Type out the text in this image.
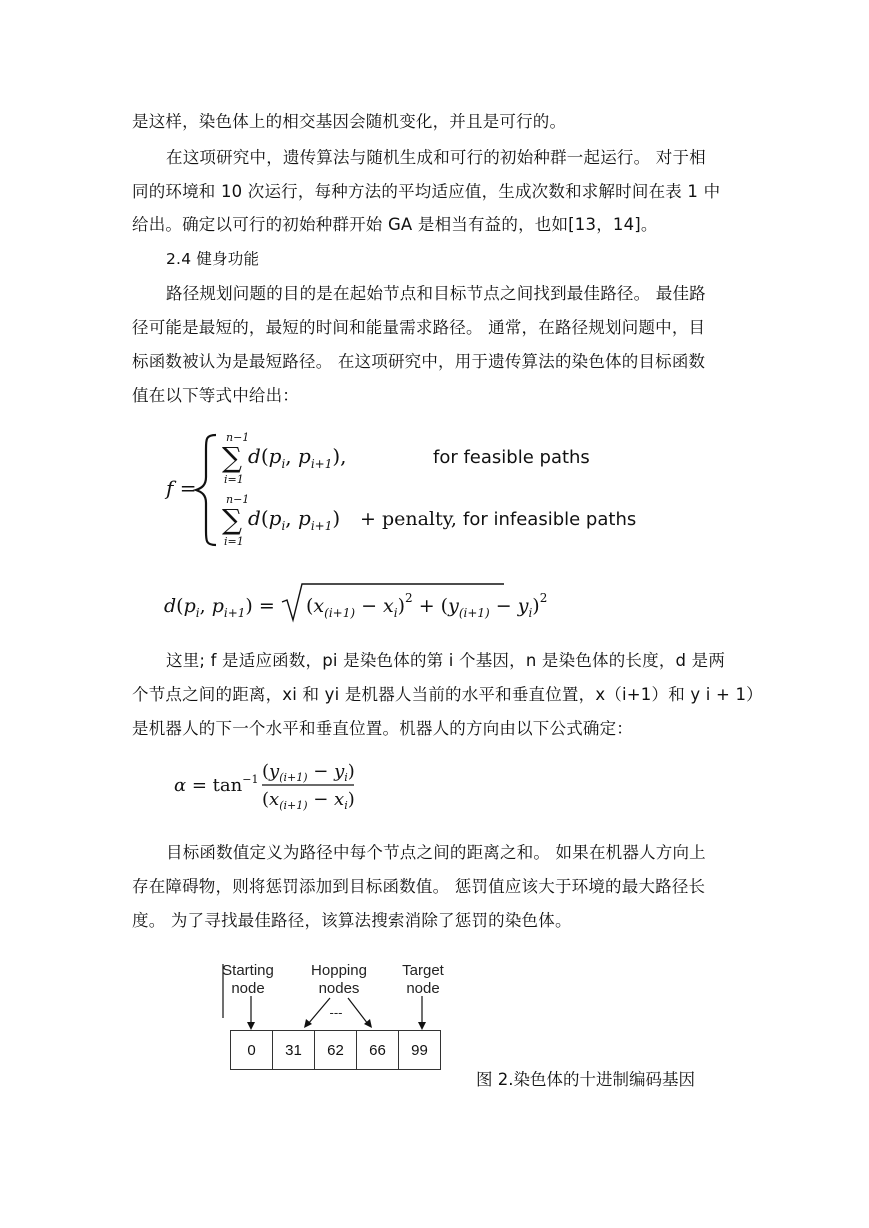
是这样，染色体上的相交基因会随机变化，并且是可行的。
在这项研究中，遗传算法与随机生成和可行的初始种群一起运行。 对于相
同的环境和 10 次运行，每种方法的平均适应值，生成次数和求解时间在表 1 中
给出。确定以可行的初始种群开始 GA 是相当有益的，也如[13，14]。
2.4 健身功能
路径规划问题的目的是在起始节点和目标节点之间找到最佳路径。 最佳路
径可能是最短的，最短的时间和能量需求路径。 通常，在路径规划问题中，目
标函数被认为是最短路径。 在这项研究中，用于遗传算法的染色体的目标函数
值在以下等式中给出：
f =
n−1
∑
i=1
$d(p_i$, $p_{i+1}$),
n−1
∑
i=1
$d(p_i$, $p_{i+1}$) + penalty,
for feasible paths
for infeasible paths
$d(p_i$, $p_{i+1}) = (x_{(i+1)} - x_i)^2 + (y_{(i+1)} - y_i)^2$
这里; f 是适应函数，pi 是染色体的第 i 个基因，n 是染色体的长度，d 是两
个节点之间的距离，xi 和 yi 是机器人当前的水平和垂直位置，x（i+1）和 y i + 1）
是机器人的下一个水平和垂直位置。机器人的方向由以下公式确定：
$\alpha = \tan^{-1} (y_{(i+1)} - y_i)$
$(x_{(i+1)} - x_i)$
目标函数值定义为路径中每个节点之间的距离之和。 如果在机器人方向上
存在障碍物，则将惩罚添加到目标函数值。 惩罚值应该大于环境的最大路径长
度。 为了寻找最佳路径，该算法搜索消除了惩罚的染色体。
Starting
node
Hopping
nodes
Target
node
---
0	31	62	66	99
图 2.染色体的十进制编码基因
